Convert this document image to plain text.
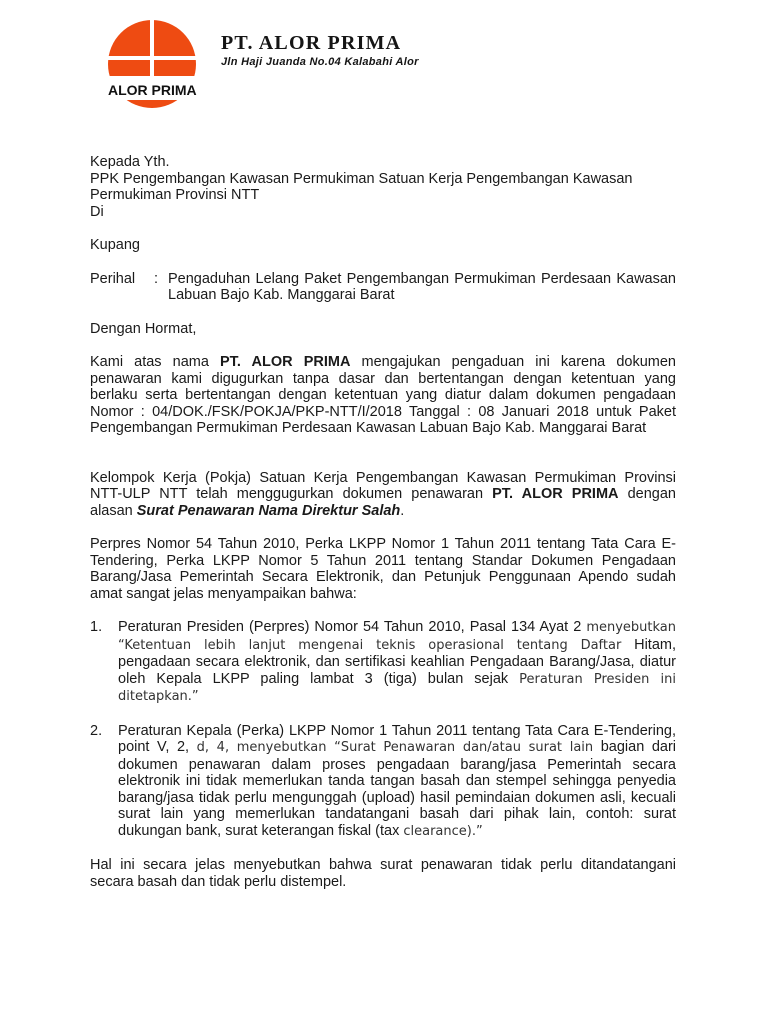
ALOR PRIMA
PT. ALOR PRIMA
Jln Haji Juanda No.04 Kalabahi Alor

Kepada Yth.

PPK Pengembangan Kawasan Permukiman Satuan Kerja Pengembangan Kawasan Permukiman Provinsi NTT

Di

Kupang

Perihal	: Pengaduhan Lelang Paket Pengembangan Permukiman Perdesaan Kawasan Labuan Bajo Kab. Manggarai Barat

Dengan Hormat,

Kami atas nama PT. ALOR PRIMA mengajukan pengaduan ini karena dokumen penawaran kami digugurkan tanpa dasar dan bertentangan dengan ketentuan yang berlaku serta bertentangan dengan ketentuan yang diatur dalam dokumen pengadaan Nomor : 04/DOK./FSK/POKJA/PKP-NTT/I/2018 Tanggal : 08 Januari 2018 untuk Paket Pengembangan Permukiman Perdesaan Kawasan Labuan Bajo Kab. Manggarai Barat

Kelompok Kerja (Pokja) Satuan Kerja Pengembangan Kawasan Permukiman Provinsi NTT-ULP NTT telah menggugurkan dokumen penawaran PT. ALOR PRIMA dengan alasan Surat Penawaran Nama Direktur Salah.

Perpres Nomor 54 Tahun 2010, Perka LKPP Nomor 1 Tahun 2011 tentang Tata Cara E-Tendering, Perka LKPP Nomor 5 Tahun 2011 tentang Standar Dokumen Pengadaan Barang/Jasa Pemerintah Secara Elektronik, dan Petunjuk Penggunaan Apendo sudah amat sangat jelas menyampaikan bahwa:

1.	Peraturan Presiden (Perpres) Nomor 54 Tahun 2010, Pasal 134 Ayat 2 menyebutkan “Ketentuan lebih lanjut mengenai teknis operasional tentang Daftar Hitam, pengadaan secara elektronik, dan sertifikasi keahlian Pengadaan Barang/Jasa, diatur oleh Kepala LKPP paling lambat 3 (tiga) bulan sejak Peraturan Presiden ini ditetapkan.”
2.	Peraturan Kepala (Perka) LKPP Nomor 1 Tahun 2011 tentang Tata Cara E-Tendering, point V, 2, d, 4, menyebutkan “Surat Penawaran dan/atau surat lain bagian dari dokumen penawaran dalam proses pengadaan barang/jasa Pemerintah secara elektronik ini tidak memerlukan tanda tangan basah dan stempel sehingga penyedia barang/jasa tidak perlu mengunggah (upload) hasil pemindaian dokumen asli, kecuali surat lain yang memerlukan tandatangani basah dari pihak lain, contoh: surat dukungan bank, surat keterangan fiskal (tax clearance).”

Hal ini secara jelas menyebutkan bahwa surat penawaran tidak perlu ditandatangani secara basah dan tidak perlu distempel.
